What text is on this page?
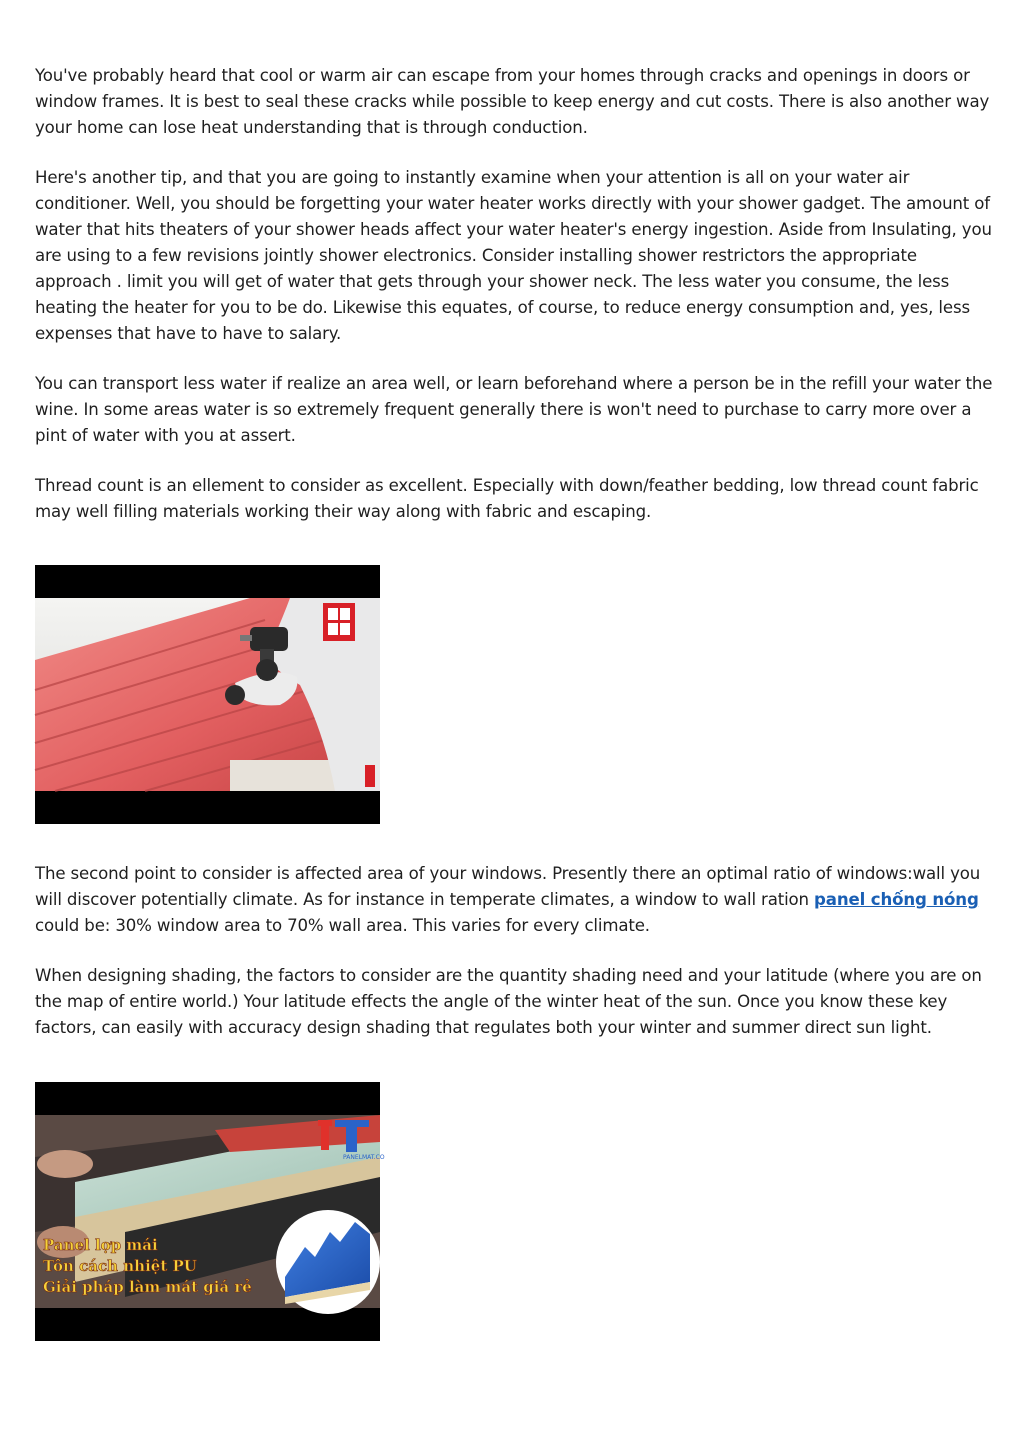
You've probably heard that cool or warm air can escape from your homes through cracks and openings in doors or window frames. It is best to seal these cracks while possible to keep energy and cut costs. There is also another way your home can lose heat understanding that is through conduction.

Here's another tip, and that you are going to instantly examine when your attention is all on your water air conditioner. Well, you should be forgetting your water heater works directly with your shower gadget. The amount of water that hits theaters of your shower heads affect your water heater's energy ingestion. Aside from Insulating, you are using to a few revisions jointly shower electronics. Consider installing shower restrictors the appropriate approach . limit you will get of water that gets through your shower neck. The less water you consume, the less heating the heater for you to be do. Likewise this equates, of course, to reduce energy consumption and, yes, less expenses that have to have to salary.

You can transport less water if realize an area well, or learn beforehand where a person be in the refill your water the wine. In some areas water is so extremely frequent generally there is won't need to purchase to carry more over a pint of water with you at assert.

Thread count is an ellement to consider as excellent. Especially with down/feather bedding, low thread count fabric may well filling materials working their way along with fabric and escaping.

The second point to consider is affected area of your windows. Presently there an optimal ratio of windows:wall you will discover potentially climate. As for instance in temperate climates, a window to wall ration panel chống nóng could be: 30% window area to 70% wall area. This varies for every climate.

When designing shading, the factors to consider are the quantity shading need and your latitude (where you are on the map of entire world.) Your latitude effects the angle of the winter heat of the sun. Once you know these key factors, can easily with accuracy design shading that regulates both your winter and summer direct sun light.

PANELMAT.CO
Panel lợp mái
Tôn cách nhiệt PU
Giải pháp làm mát giá rẻ
